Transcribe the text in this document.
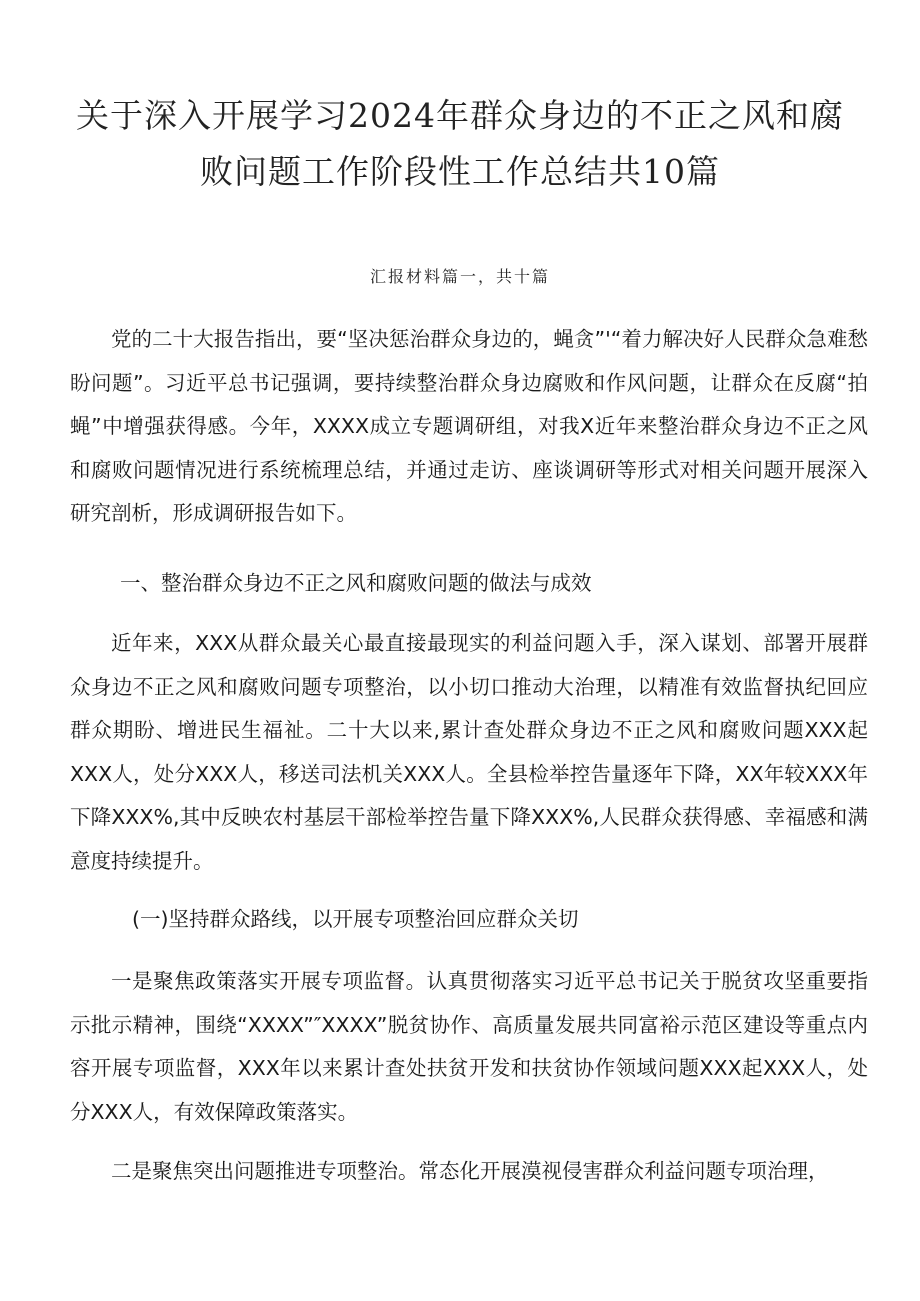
关于深入开展学习2024年群众身边的不正之风和腐
败问题工作阶段性工作总结共10篇
汇报材料篇一，共十篇
党的二十大报告指出，要“坚决惩治群众身边的，蝇贪”'“着力解决好人民群众急难愁盼问题”。习近平总书记强调，要持续整治群众身边腐败和作风问题，让群众在反腐“拍蝇”中增强获得感。今年，XXXX成立专题调研组，对我X近年来整治群众身边不正之风和腐败问题情况进行系统梳理总结，并通过走访、座谈调研等形式对相关问题开展深入研究剖析，形成调研报告如下。
一、整治群众身边不正之风和腐败问题的做法与成效
近年来，XXX从群众最关心最直接最现实的利益问题入手，深入谋划、部署开展群众身边不正之风和腐败问题专项整治，以小切口推动大治理，以精准有效监督执纪回应群众期盼、增进民生福祉。二十大以来,累计查处群众身边不正之风和腐败问题XXX起XXX人，处分XXX人，移送司法机关XXX人。全县检举控告量逐年下降，XX年较XXX年下降XXX%,其中反映农村基层干部检举控告量下降XXX%,人民群众获得感、幸福感和满意度持续提升。
(一)坚持群众路线，以开展专项整治回应群众关切
一是聚焦政策落实开展专项监督。认真贯彻落实习近平总书记关于脱贫攻坚重要指示批示精神，围绕“XXXX”″XXXX”脱贫协作、高质量发展共同富裕示范区建设等重点内容开展专项监督，XXX年以来累计查处扶贫开发和扶贫协作领域问题XXX起XXX人，处分XXX人，有效保障政策落实。
二是聚焦突出问题推进专项整治。常态化开展漠视侵害群众利益问题专项治理，
